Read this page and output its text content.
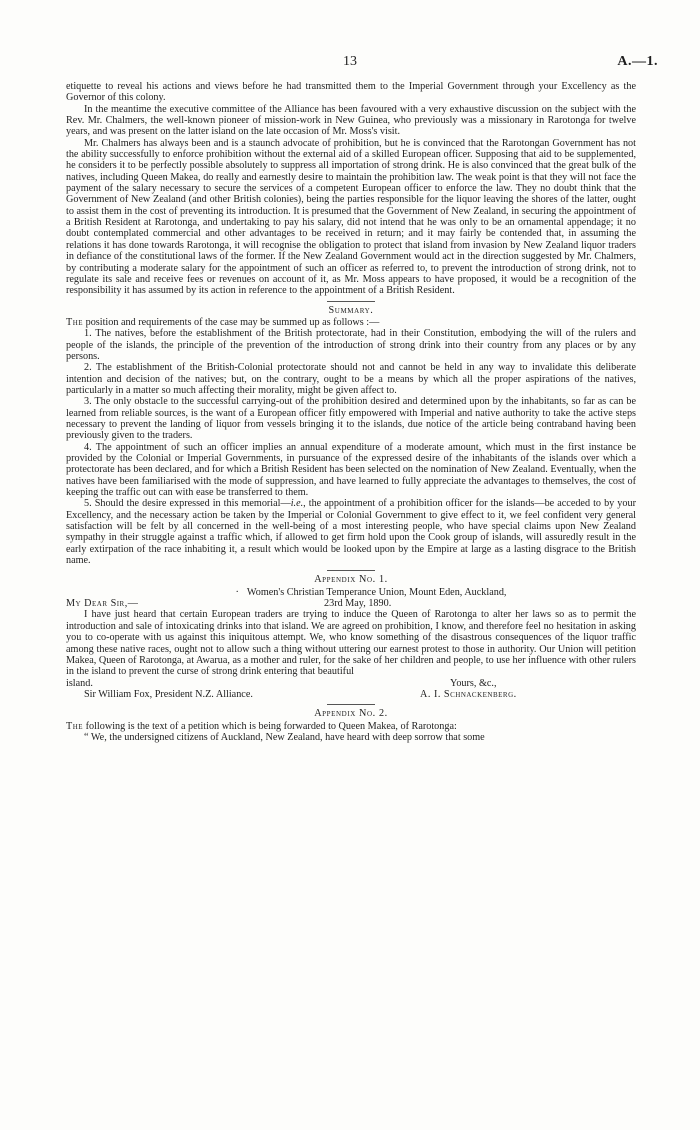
13	A.—1.

etiquette to reveal his actions and views before he had transmitted them to the Imperial Government through your Excellency as the Governor of this colony.

In the meantime the executive committee of the Alliance has been favoured with a very exhaustive discussion on the subject with the Rev. Mr. Chalmers, the well-known pioneer of mission-work in New Guinea, who previously was a missionary in Rarotonga for twelve years, and was present on the latter island on the late occasion of Mr. Moss's visit.

Mr. Chalmers has always been and is a staunch advocate of prohibition, but he is convinced that the Rarotongan Government has not the ability successfully to enforce prohibition without the external aid of a skilled European officer. Supposing that aid to be supplemented, he considers it to be perfectly possible absolutely to suppress all importation of strong drink. He is also convinced that the great bulk of the natives, including Queen Makea, do really and earnestly desire to maintain the prohibition law. The weak point is that they will not face the payment of the salary necessary to secure the services of a competent European officer to enforce the law. They no doubt think that the Government of New Zealand (and other British colonies), being the parties responsible for the liquor leaving the shores of the latter, ought to assist them in the cost of preventing its introduction. It is presumed that the Government of New Zealand, in securing the appointment of a British Resident at Rarotonga, and undertaking to pay his salary, did not intend that he was only to be an ornamental appendage; it no doubt contemplated commercial and other advantages to be received in return; and it may fairly be contended that, in assuming the relations it has done towards Rarotonga, it will recognise the obligation to protect that island from invasion by New Zealand liquor traders in defiance of the constitutional laws of the former. If the New Zealand Government would act in the direction suggested by Mr. Chalmers, by contributing a moderate salary for the appointment of such an officer as referred to, to prevent the introduction of strong drink, not to regulate its sale and receive fees or revenues on account of it, as Mr. Moss appears to have proposed, it would be a recognition of the responsibility it has assumed by its action in reference to the appointment of a British Resident.

Summary.

The position and requirements of the case may be summed up as follows :—

1. The natives, before the establishment of the British protectorate, had in their Constitution, embodying the will of the rulers and people of the islands, the principle of the prevention of the introduction of strong drink into their country from any places or by any persons.

2. The establishment of the British-Colonial protectorate should not and cannot be held in any way to invalidate this deliberate intention and decision of the natives; but, on the contrary, ought to be a means by which all the proper aspirations of the natives, particularly in a matter so much affecting their morality, might be given affect to.

3. The only obstacle to the successful carrying-out of the prohibition desired and determined upon by the inhabitants, so far as can be learned from reliable sources, is the want of a European officer fitly empowered with Imperial and native authority to take the active steps necessary to prevent the landing of liquor from vessels bringing it to the islands, due notice of the article being contraband having been previously given to the traders.

4. The appointment of such an officer implies an annual expenditure of a moderate amount, which must in the first instance be provided by the Colonial or Imperial Governments, in pursuance of the expressed desire of the inhabitants of the islands over which a protectorate has been declared, and for which a British Resident has been selected on the nomination of New Zealand. Eventually, when the natives have been familiarised with the mode of suppression, and have learned to fully appreciate the advantages to themselves, the cost of keeping the traffic out can with ease be transferred to them.

5. Should the desire expressed in this memorial—i.e., the appointment of a prohibition officer for the islands—be acceded to by your Excellency, and the necessary action be taken by the Imperial or Colonial Government to give effect to it, we feel confident very general satisfaction will be felt by all concerned in the well-being of a most interesting people, who have special claims upon New Zealand sympathy in their struggle against a traffic which, if allowed to get firm hold upon the Cook group of islands, will assuredly result in the early extirpation of the race inhabiting it, a result which would be looked upon by the Empire at large as a lasting disgrace to the British name.

Appendix No. 1.
· Women's Christian Temperance Union, Mount Eden, Auckland,
My Dear Sir,—	23rd May, 1890.

I have just heard that certain European traders are trying to induce the Queen of Rarotonga to alter her laws so as to permit the introduction and sale of intoxicating drinks into that island. We are agreed on prohibition, I know, and therefore feel no hesitation in asking you to co-operate with us against this iniquitous attempt. We, who know something of the disastrous consequences of the liquor traffic among these native races, ought not to allow such a thing without uttering our earnest protest to those in authority. Our Union will petition Makea, Queen of Rarotonga, at Awarua, as a mother and ruler, for the sake of her children and people, to use her influence with other rulers in the island to prevent the curse of strong drink entering that beautiful

island.	Yours, &c.,
Sir William Fox, President N.Z. Alliance.	A. I. Schnackenberg.
Appendix No. 2.

The following is the text of a petition which is being forwarded to Queen Makea, of Rarotonga:

“ We, the undersigned citizens of Auckland, New Zealand, have heard with deep sorrow that some
